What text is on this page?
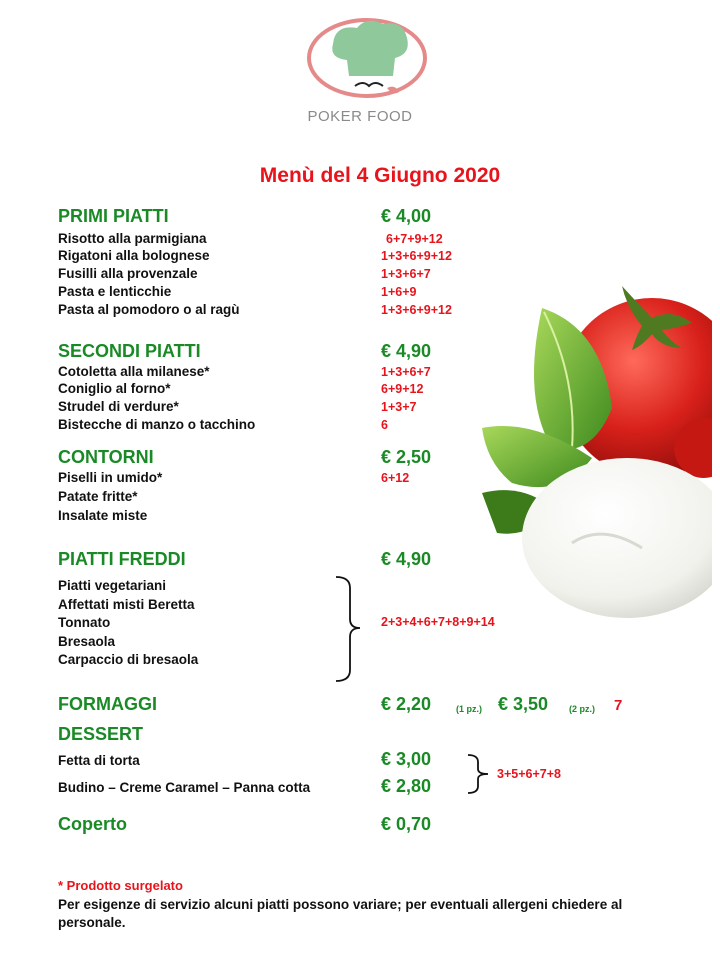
POKER FOOD
Menù del 4 Giugno 2020
PRIMI PIATTI	€ 4,00
Risotto alla parmigiana	6+7+9+12
Rigatoni alla bolognese	1+3+6+9+12
Fusilli alla provenzale	1+3+6+7
Pasta e lenticchie	1+6+9
Pasta al pomodoro o al ragù	1+3+6+9+12
SECONDI PIATTI	€ 4,90
Cotoletta alla milanese*	1+3+6+7
Coniglio al forno*	6+9+12
Strudel di verdure*	1+3+7
Bistecche di manzo o tacchino	6
CONTORNI	€ 2,50
Piselli in umido*	6+12
Patate fritte*
Insalate miste
PIATTI FREDDI	€ 4,90
Piatti vegetariani
Affettati misti Beretta
Tonnato
Bresaola
Carpaccio di bresaola
2+3+4+6+7+8+9+14
FORMAGGI	€ 2,20	(1 pz.) € 3,50 (2 pz.) 7
DESSERT
Fetta di torta	€ 3,00
Budino – Creme Caramel – Panna cotta	€ 2,80
3+5+6+7+8
Coperto	€ 0,70
* Prodotto surgelato
Per esigenze di servizio alcuni piatti possono variare; per eventuali allergeni chiedere al personale.
